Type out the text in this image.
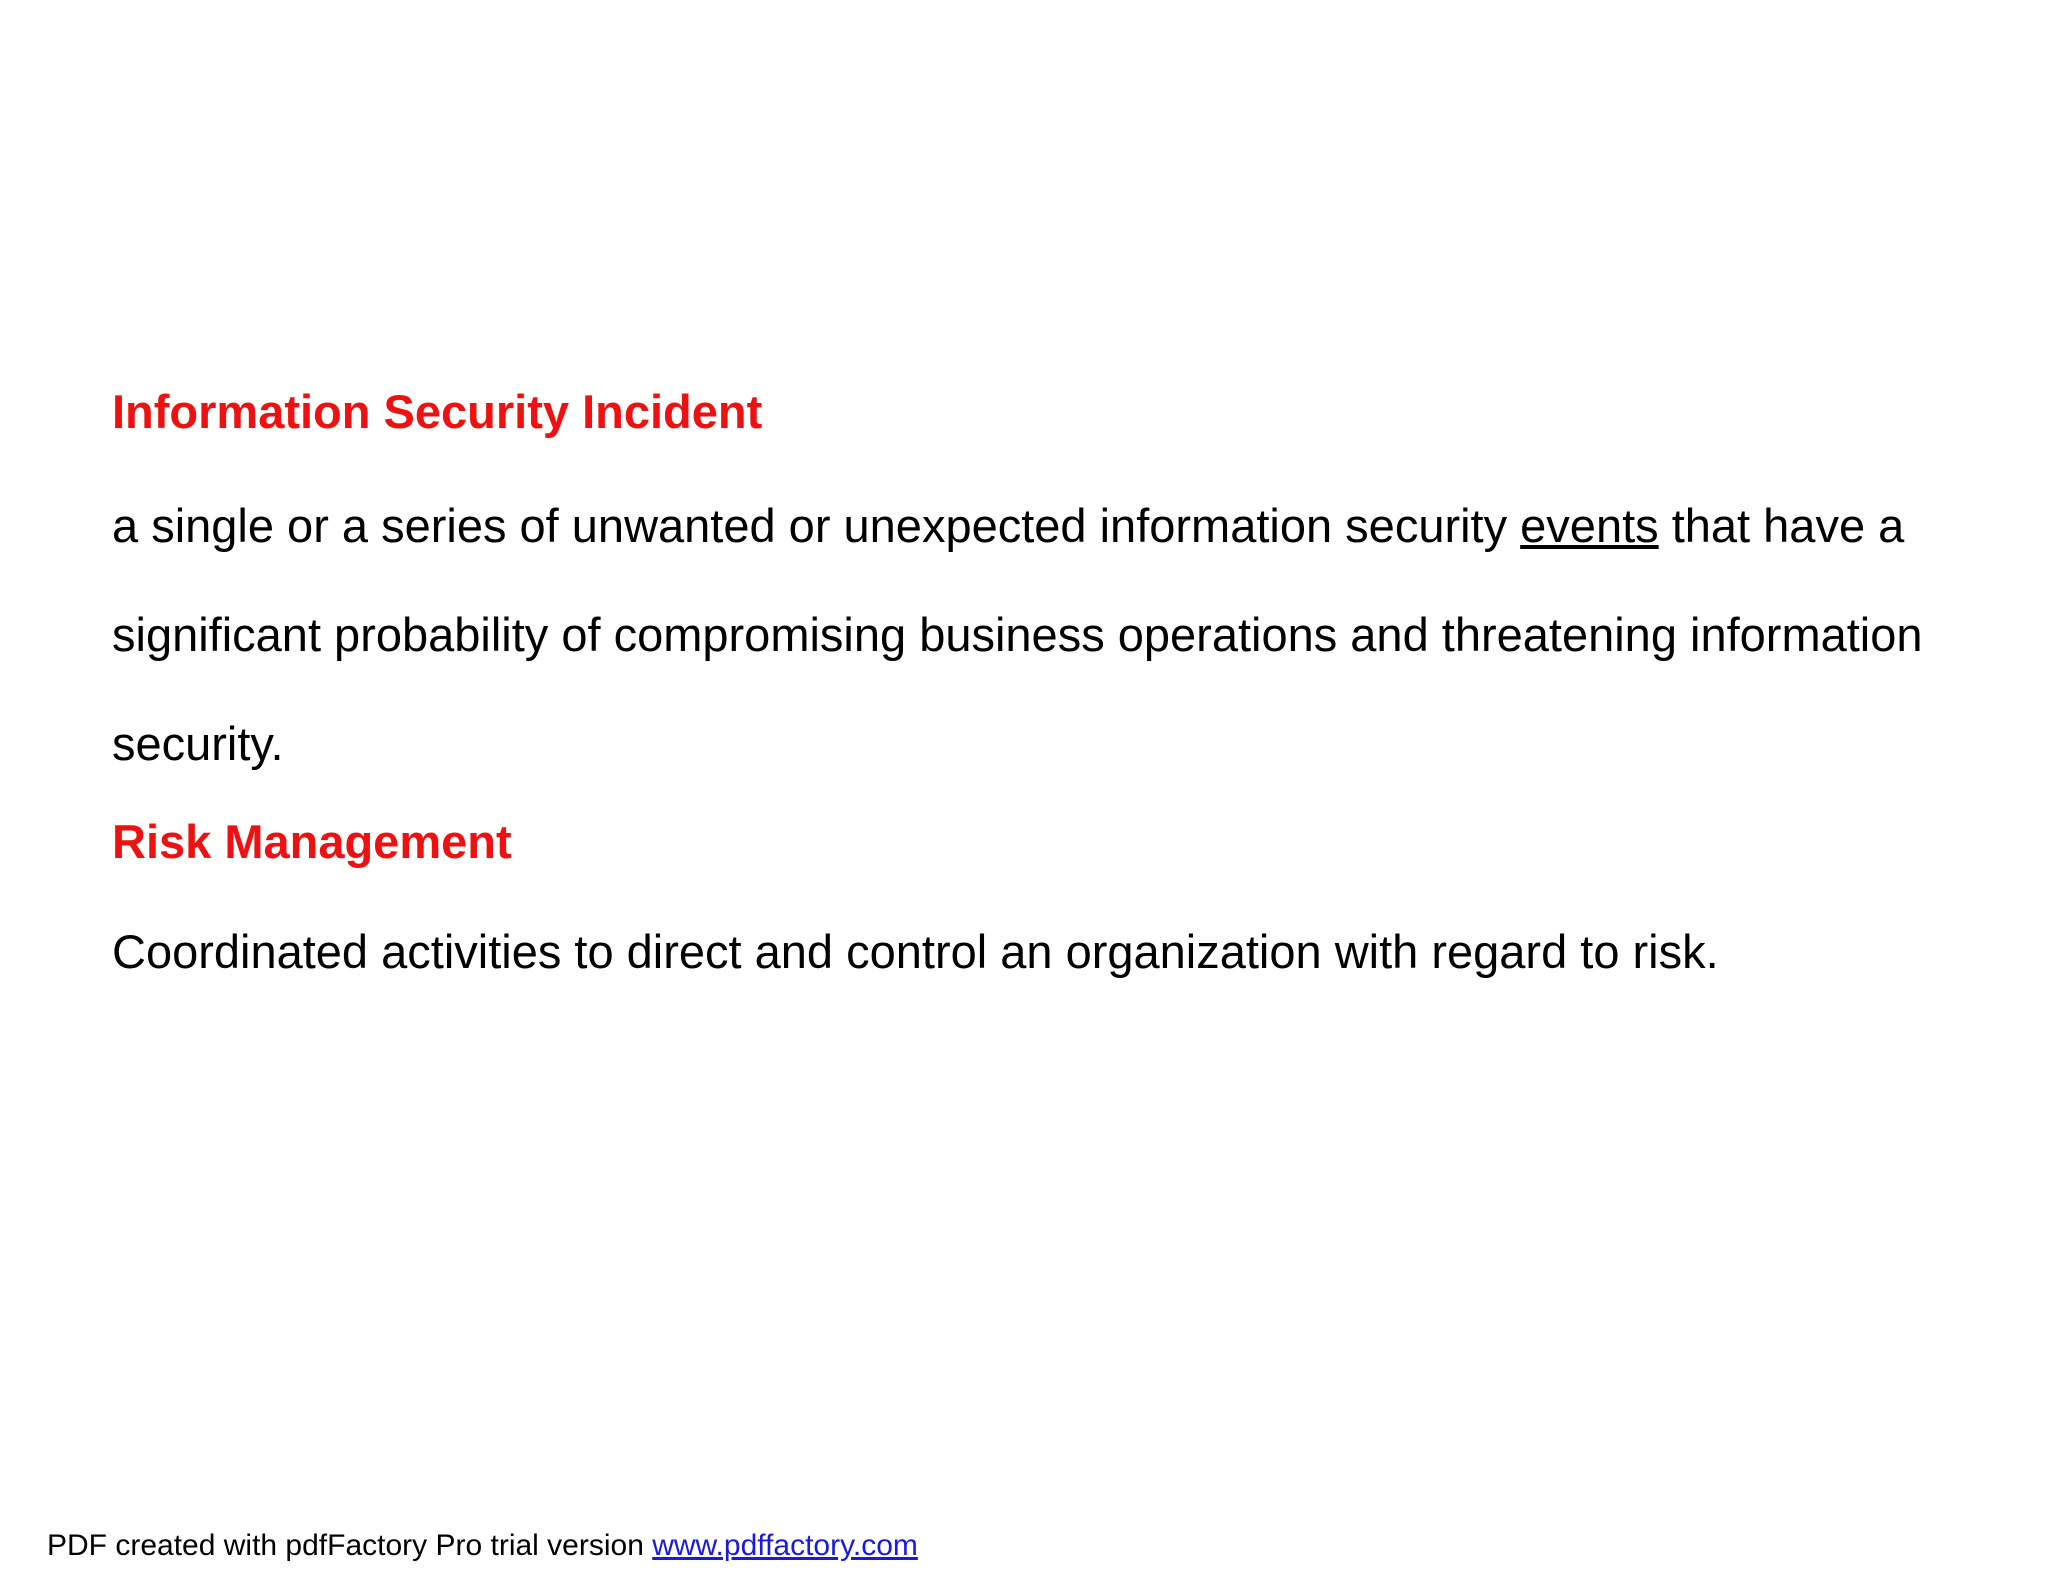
Information Security Incident

a single or a series of unwanted or unexpected information security events that have a significant probability of compromising business operations and threatening information security.

Risk Management

Coordinated activities to direct and control an organization with regard to risk.

PDF created with pdfFactory Pro trial version www.pdffactory.com
